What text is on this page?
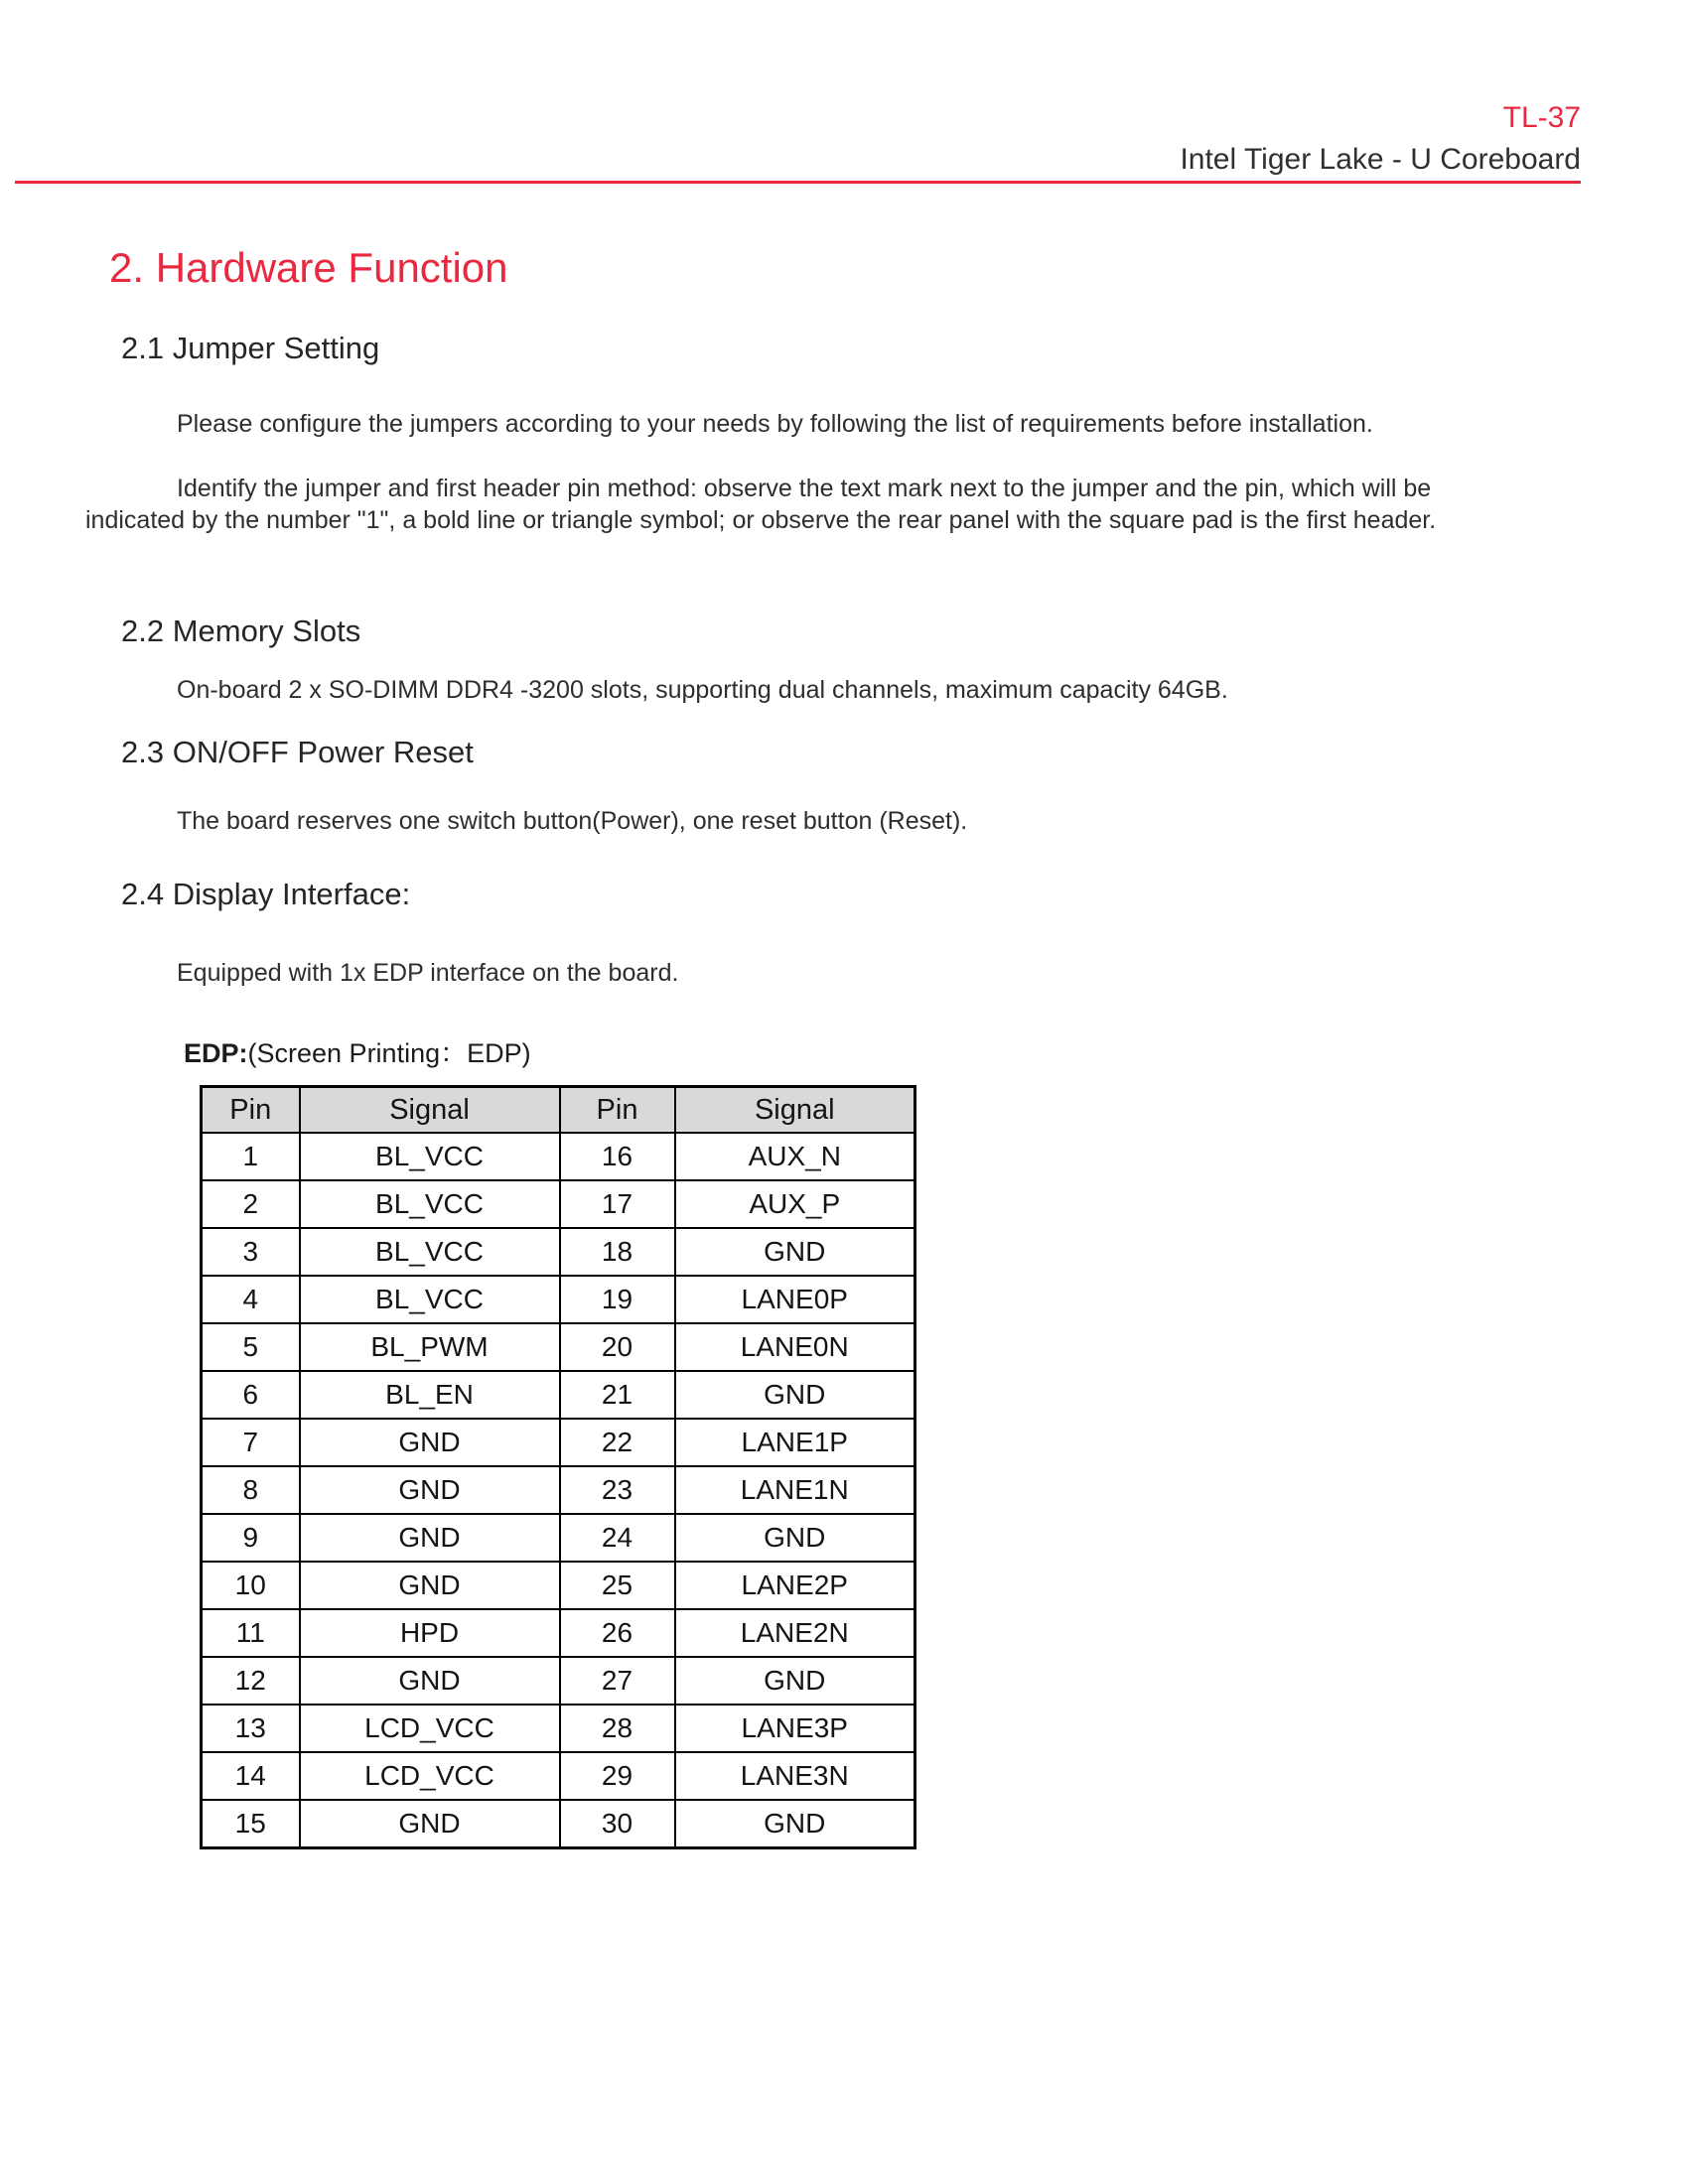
TL-37
Intel Tiger Lake - U Coreboard
2. Hardware Function
2.1 Jumper Setting
Please configure the jumpers according to your needs by following the list of requirements before installation.
Identify the jumper and first header pin method: observe the text mark next to the jumper and the pin, which will be
indicated by the number "1", a bold line or triangle symbol; or observe the rear panel with the square pad is the first header.
2.2 Memory Slots
On-board 2 x SO-DIMM DDR4 -3200 slots, supporting dual channels, maximum capacity 64GB.
2.3 ON/OFF Power Reset
The board reserves one switch button(Power), one reset button (Reset).
2.4 Display Interface:
Equipped with 1x EDP interface on the board.
EDP:(Screen Printing：EDP)
Pin	Signal	Pin	Signal
1	BL_VCC	16	AUX_N
2	BL_VCC	17	AUX_P
3	BL_VCC	18	GND
4	BL_VCC	19	LANE0P
5	BL_PWM	20	LANE0N
6	BL_EN	21	GND
7	GND	22	LANE1P
8	GND	23	LANE1N
9	GND	24	GND
10	GND	25	LANE2P
11	HPD	26	LANE2N
12	GND	27	GND
13	LCD_VCC	28	LANE3P
14	LCD_VCC	29	LANE3N
15	GND	30	GND
